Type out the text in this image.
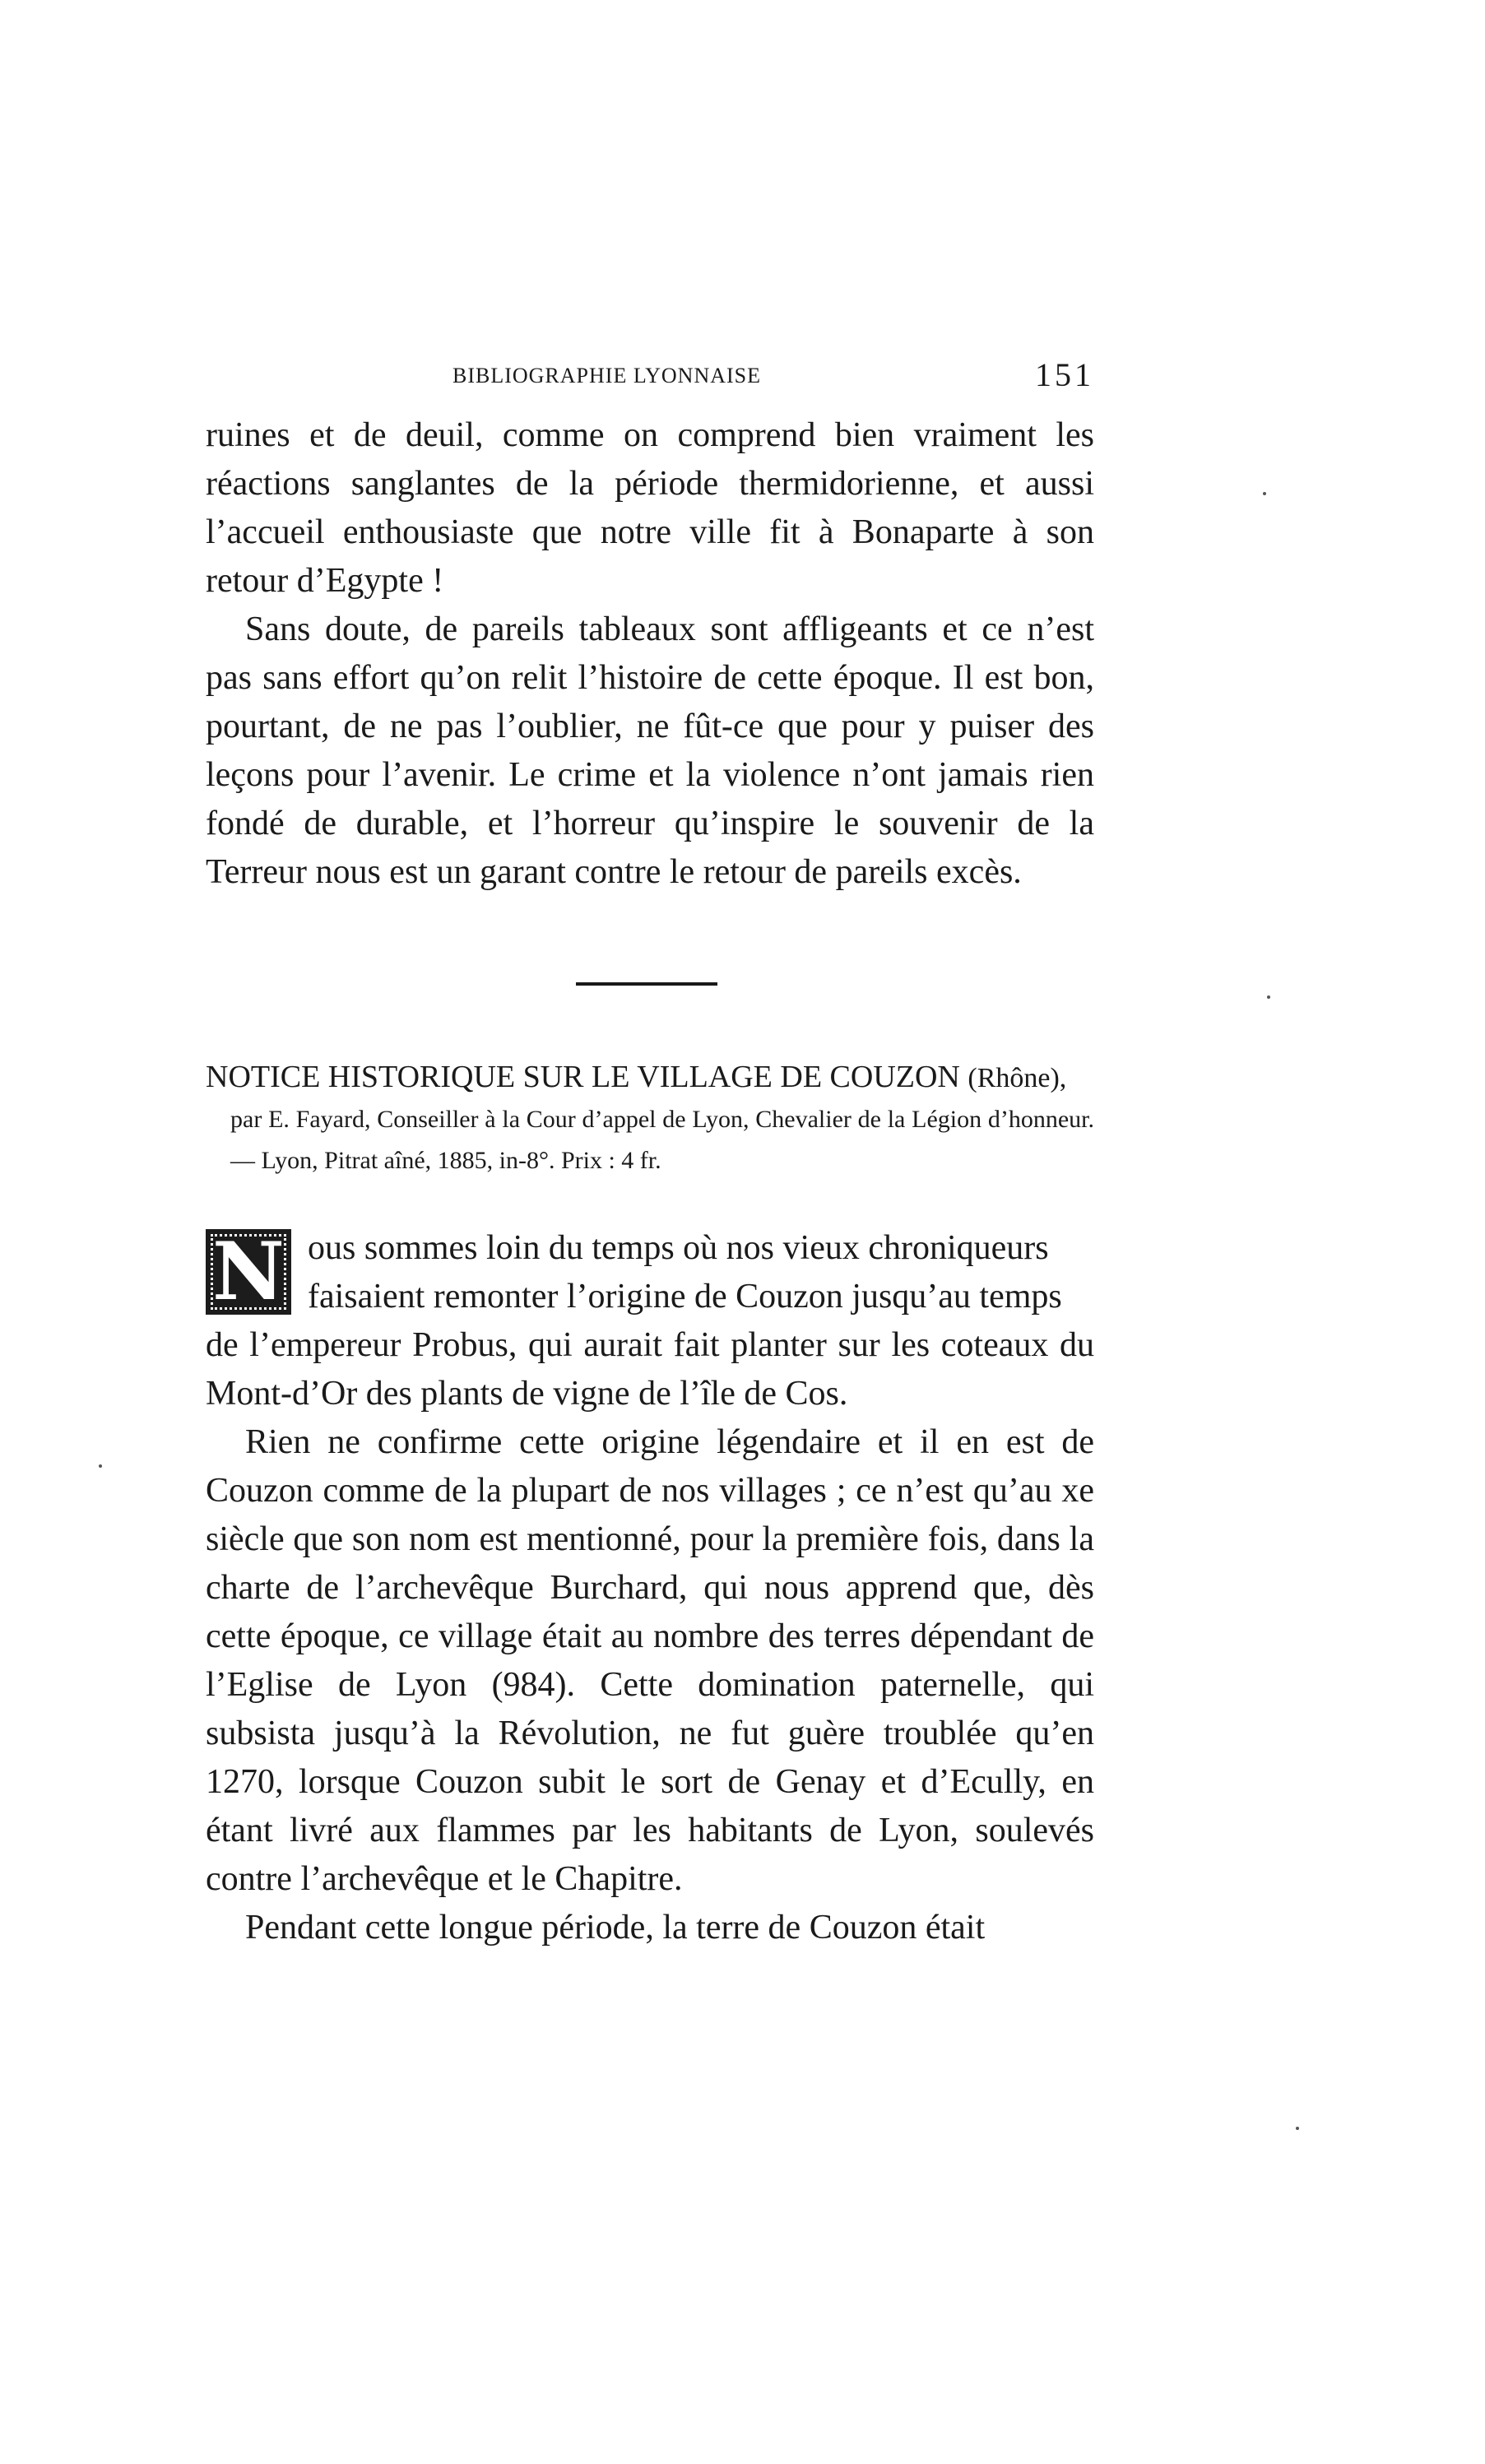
BIBLIOGRAPHIE LYONNAISE	151

ruines et de deuil, comme on comprend bien vraiment les réactions sanglantes de la période thermidorienne, et aussi l’accueil enthousiaste que notre ville fit à Bonaparte à son retour d’Egypte !

Sans doute, de pareils tableaux sont affligeants et ce n’est pas sans effort qu’on relit l’histoire de cette époque. Il est bon, pourtant, de ne pas l’oublier, ne fût-ce que pour y puiser des leçons pour l’avenir. Le crime et la violence n’ont jamais rien fondé de durable, et l’horreur qu’inspire le souvenir de la Terreur nous est un garant contre le retour de pareils excès.

NOTICE HISTORIQUE SUR LE VILLAGE DE COUZON (Rhône),
par E. Fayard, Conseiller à la Cour d’appel de Lyon, Chevalier de la Légion d’honneur. — Lyon, Pitrat aîné, 1885, in-8°. Prix : 4 fr.
N ous sommes loin du temps où nos vieux chroniqueurs

faisaient remonter l’origine de Couzon jusqu’au temps

de l’empereur Probus, qui aurait fait planter sur les coteaux du Mont-d’Or des plants de vigne de l’île de Cos.

Rien ne confirme cette origine légendaire et il en est de Couzon comme de la plupart de nos villages ; ce n’est qu’au xe siècle que son nom est mentionné, pour la première fois, dans la charte de l’archevêque Burchard, qui nous apprend que, dès cette époque, ce village était au nombre des terres dépendant de l’Eglise de Lyon (984). Cette domination paternelle, qui subsista jusqu’à la Révolution, ne fut guère troublée qu’en 1270, lorsque Couzon subit le sort de Genay et d’Ecully, en étant livré aux flammes par les habitants de Lyon, soulevés contre l’archevêque et le Chapitre.

Pendant cette longue période, la terre de Couzon était
